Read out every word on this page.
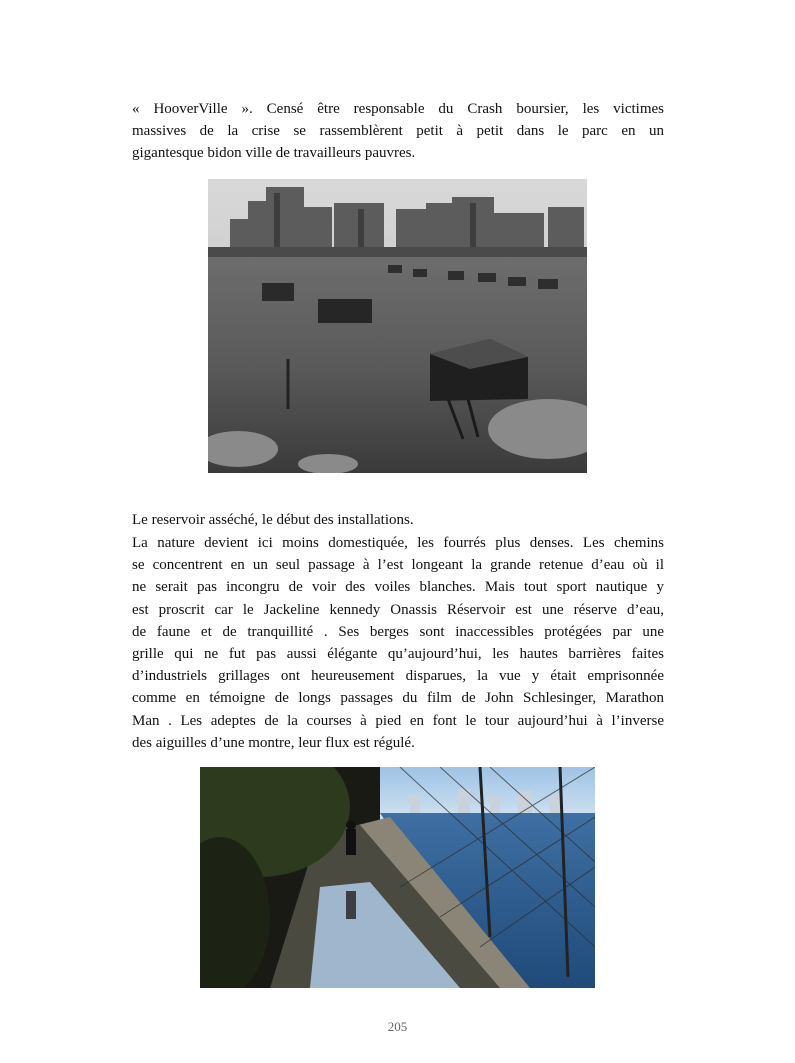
« HooverVille ». Censé être responsable du Crash boursier, les victimes
massives de la crise se rassemblèrent petit à petit dans le parc en un
gigantesque bidon ville de travailleurs pauvres.
Le reservoir asséché, le début des installations.
La nature devient ici moins domestiquée, les fourrés plus denses. Les chemins
se concentrent en un seul passage à l’est longeant la grande retenue d’eau où il
ne serait pas incongru de voir des voiles blanches. Mais tout sport nautique y
est proscrit car le Jackeline kennedy Onassis Réservoir est une réserve d’eau,
de faune et de tranquillité . Ses berges sont inaccessibles protégées par une
grille qui ne fut pas aussi élégante qu’aujourd’hui, les hautes barrières faites
d’industriels grillages ont heureusement disparues, la vue y était emprisonnée
comme en témoigne de longs passages du film de John Schlesinger, Marathon
Man . Les adeptes de la courses à pied en font le tour aujourd’hui à l’inverse
des aiguilles d’une montre, leur flux est régulé.
205
